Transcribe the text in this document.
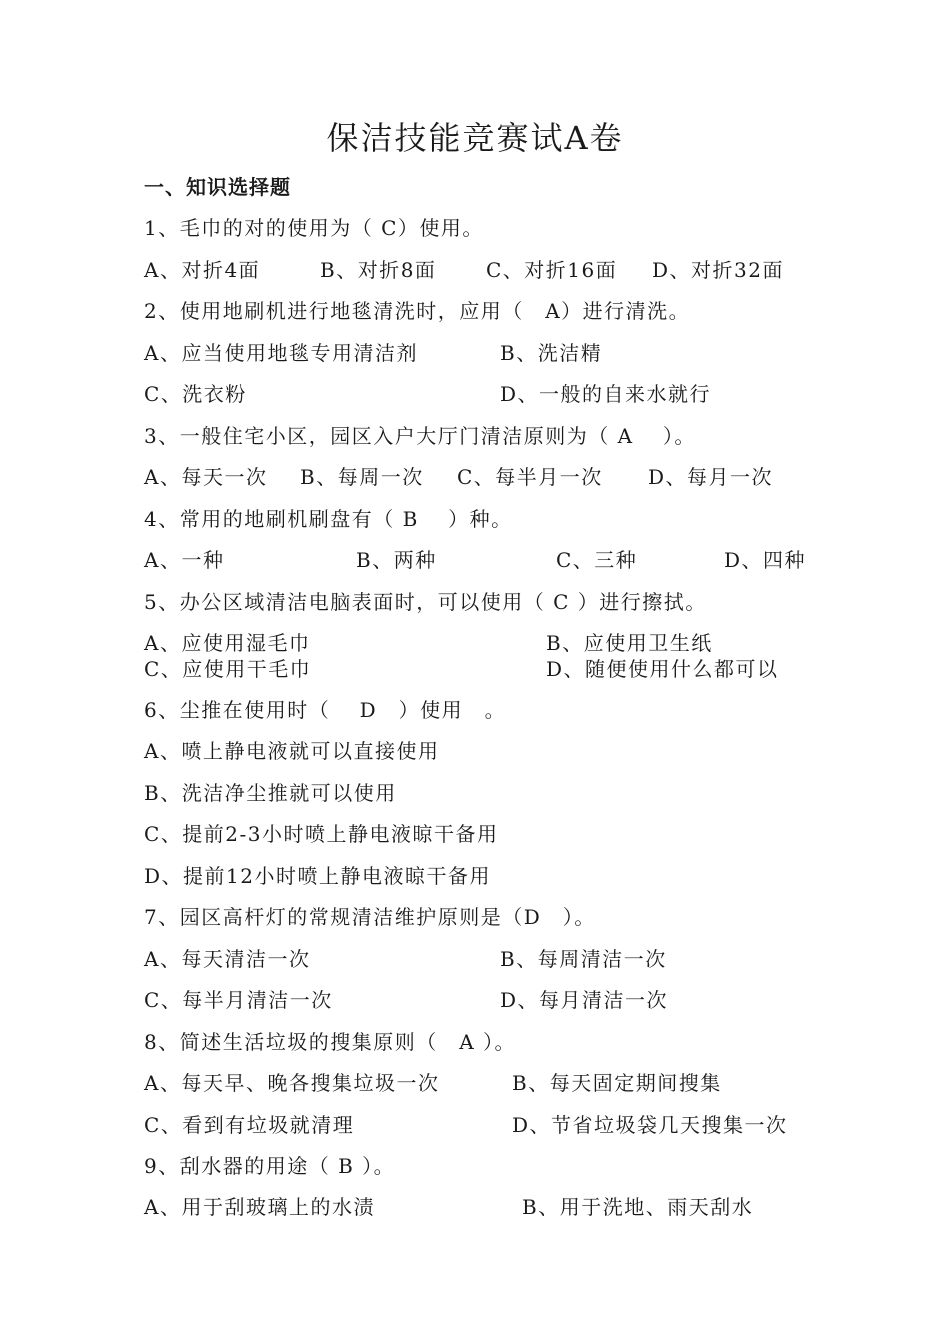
保洁技能竞赛试A卷
一、知识选择题
1、毛巾的对的使用为（ C）使用。
A、对折4面	B、对折8面 C、对折16面 D、对折32面
2、使用地刷机进行地毯清洗时，应用（　A）进行清洗。
A、应当使用地毯专用清洁剂	B、洗洁精
C、洗衣粉	D、一般的自来水就行
3、一般住宅小区，园区入户大厅门清洁原则为（ A　 ）。
A、每天一次 B、每周一次 C、每半月一次 D、每月一次
4、常用的地刷机刷盘有（ B　 ）种。
A、一种	B、两种	C、三种	D、四种
5、办公区域清洁电脑表面时，可以使用（ C ）进行擦拭。
A、应使用湿毛巾	B、应使用卫生纸
C、应使用干毛巾	D、随便使用什么都可以
6、尘推在使用时（　 D　）使用　。
A、喷上静电液就可以直接使用
B、洗洁净尘推就可以使用
C、提前2-3小时喷上静电液晾干备用
D、提前12小时喷上静电液晾干备用
7、园区高杆灯的常规清洁维护原则是（D　）。
A、每天清洁一次	B、每周清洁一次
C、每半月清洁一次	D、每月清洁一次
8、简述生活垃圾的搜集原则（　A ）。
A、每天早、晚各搜集垃圾一次	B、每天固定期间搜集
C、看到有垃圾就清理	D、节省垃圾袋几天搜集一次
9、刮水器的用途（ B ）。
A、用于刮玻璃上的水渍	B、用于洗地、雨天刮水
